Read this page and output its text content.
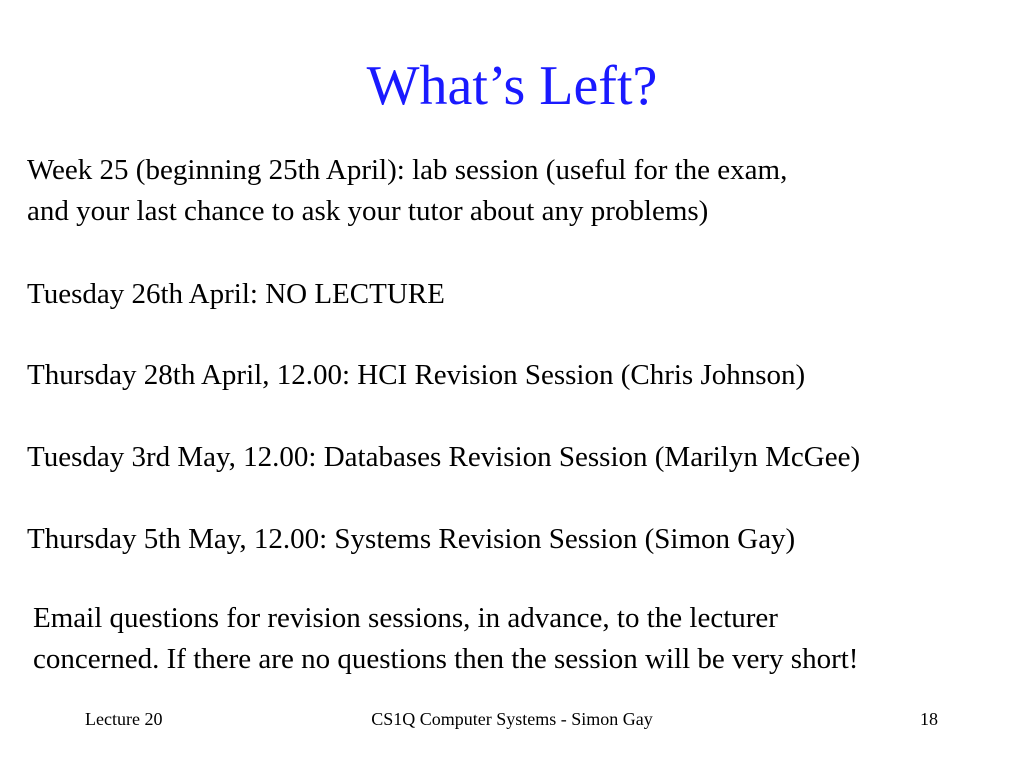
What’s Left?

Week 25 (beginning 25th April): lab session (useful for the exam,
and your last chance to ask your tutor about any problems)

Tuesday 26th April: NO LECTURE

Thursday 28th April, 12.00: HCI Revision Session (Chris Johnson)

Tuesday 3rd May, 12.00: Databases Revision Session (Marilyn McGee)

Thursday 5th May, 12.00: Systems Revision Session (Simon Gay)

Email questions for revision sessions, in advance, to the lecturer
concerned. If there are no questions then the session will be very short!

Lecture 20	CS1Q Computer Systems - Simon Gay	18
